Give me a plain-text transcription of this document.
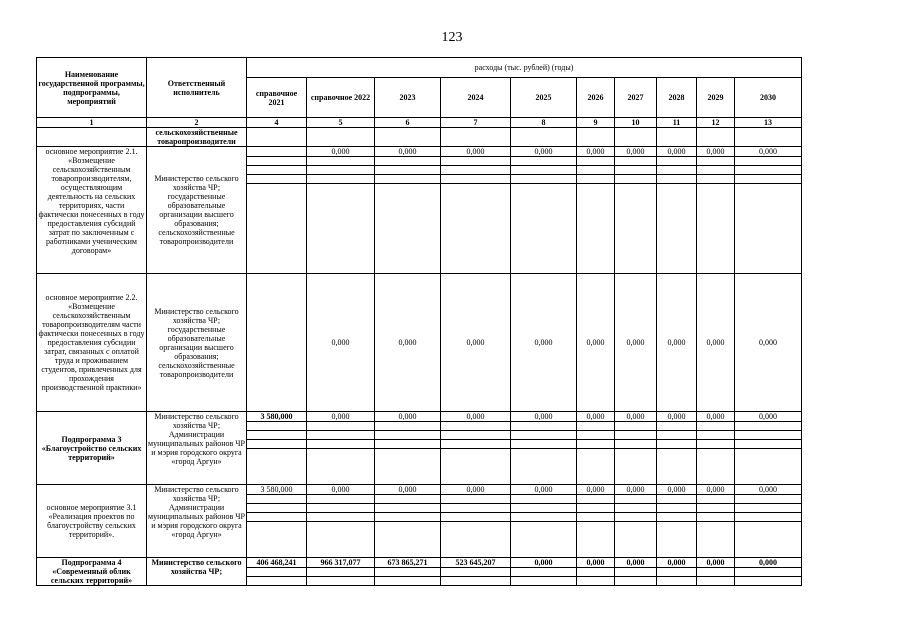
123
Наименование государственной программы, подпрограммы, мероприятий	Ответственный исполнитель	расходы (тыс. рублей) (годы)									
		справочное 2021	справочное 2022	2023	2024	2025	2026	2027	2028	2029	2030
1	2	4	5	6	7	8	9	10	11	12	13
	сельскохозяйственные товаропроизводители										
основное мероприятие 2.1. «Возмещение сельскохозяйственным товаропроизводителям, осуществляющим деятельность на сельских территориях, части фактически понесенных в году предоставления субсидий затрат по заключенным с работниками ученическим договорам»	Министерство сельского хозяйства ЧР; государственные образовательные организации высшего образования; сельскохозяйственные товаропроизводители		0,000	0,000	0,000	0,000	0,000	0,000	0,000	0,000	0,000

основное мероприятие 2.2. «Возмещение сельскохозяйственным товаропроизводителям части фактически понесенных в году предоставления субсидии затрат, связанных с оплатой труда и проживанием студентов, привлеченных для прохождения производственной практики»	Министерство сельского хозяйства ЧР; государственные образовательные организации высшего образования; сельскохозяйственные товаропроизводители		0,000	0,000	0,000	0,000	0,000	0,000	0,000	0,000	0,000
Подпрограмма 3 «Благоустройство сельских территорий»	Министерство сельского хозяйства ЧР; Администрации муниципальных районов ЧР и мэрия городского округа «город Аргун»	3 580,000	0,000	0,000	0,000	0,000	0,000	0,000	0,000	0,000	0,000

основное мероприятие 3.1 «Реализация проектов по благоустройству сельских территорий».	Министерство сельского хозяйства ЧР; Администрации муниципальных районов ЧР и мэрия городского округа «город Аргун»	3 580,000	0,000	0,000	0,000	0,000	0,000	0,000	0,000	0,000	0,000

Подпрограмма 4 «Современный облик сельских территорий»	Министерство сельского хозяйства ЧР;	406 468,241	966 317,077	673 865,271	523 645,207	0,000	0,000	0,000	0,000	0,000	0,000
